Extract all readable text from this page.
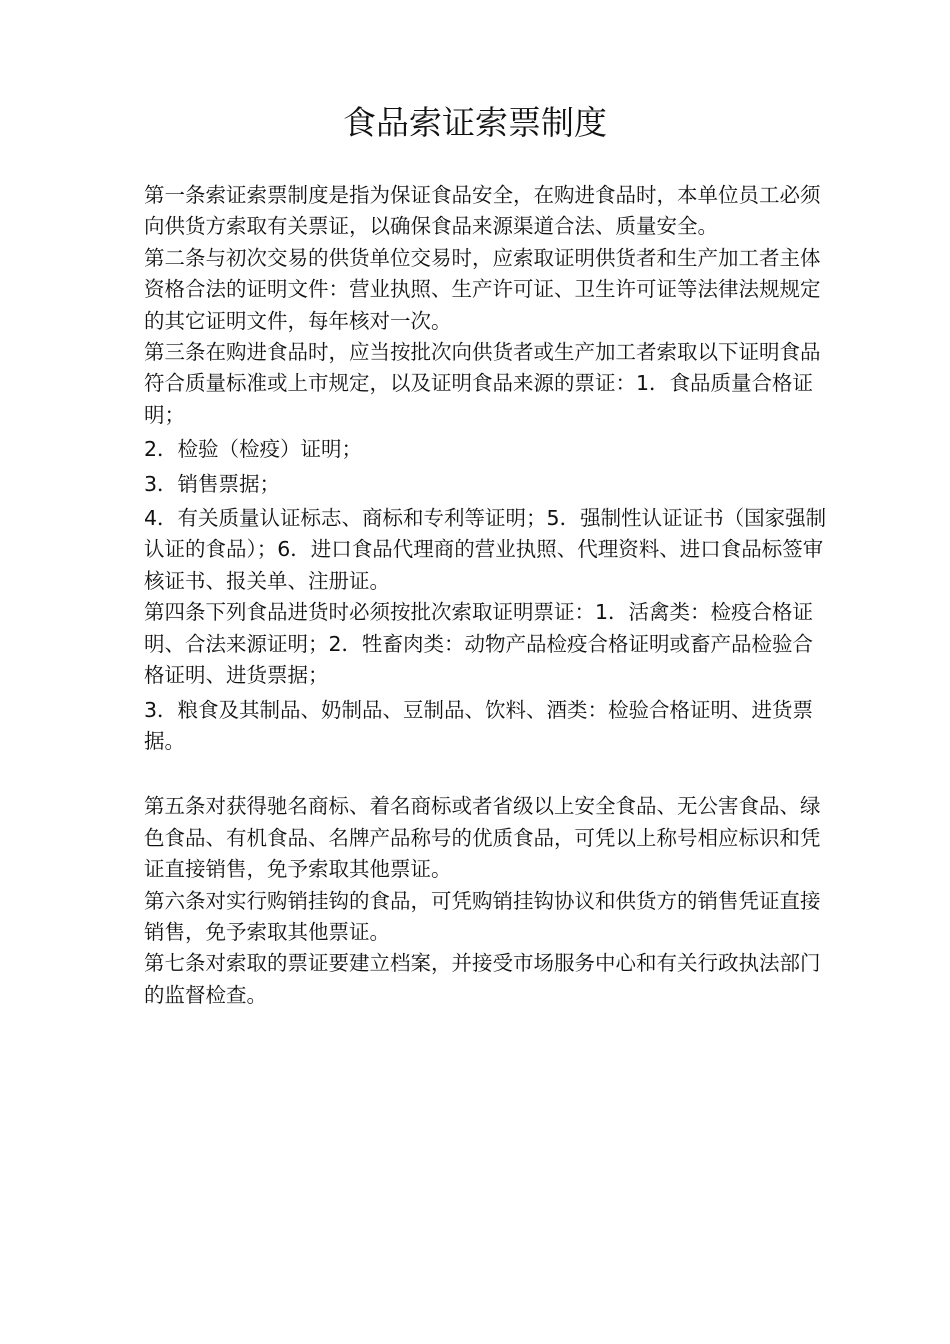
食品索证索票制度

第一条索证索票制度是指为保证食品安全，在购进食品时，本单位员工必须向供货方索取有关票证，以确保食品来源渠道合法、质量安全。

第二条与初次交易的供货单位交易时，应索取证明供货者和生产加工者主体资格合法的证明文件：营业执照、生产许可证、卫生许可证等法律法规规定的其它证明文件，每年核对一次。

第三条在购进食品时，应当按批次向供货者或生产加工者索取以下证明食品符合质量标准或上市规定，以及证明食品来源的票证：1．食品质量合格证明；

2．检验（检疫）证明；

3．销售票据；

4．有关质量认证标志、商标和专利等证明；5．强制性认证证书（国家强制认证的食品）；6．进口食品代理商的营业执照、代理资料、进口食品标签审核证书、报关单、注册证。

第四条下列食品进货时必须按批次索取证明票证：1．活禽类：检疫合格证明、合法来源证明；2．牲畜肉类：动物产品检疫合格证明或畜产品检验合格证明、进货票据；

3．粮食及其制品、奶制品、豆制品、饮料、酒类：检验合格证明、进货票据。

第五条对获得驰名商标、着名商标或者省级以上安全食品、无公害食品、绿色食品、有机食品、名牌产品称号的优质食品，可凭以上称号相应标识和凭证直接销售，免予索取其他票证。

第六条对实行购销挂钩的食品，可凭购销挂钩协议和供货方的销售凭证直接销售，免予索取其他票证。

第七条对索取的票证要建立档案，并接受市场服务中心和有关行政执法部门的监督检查。
